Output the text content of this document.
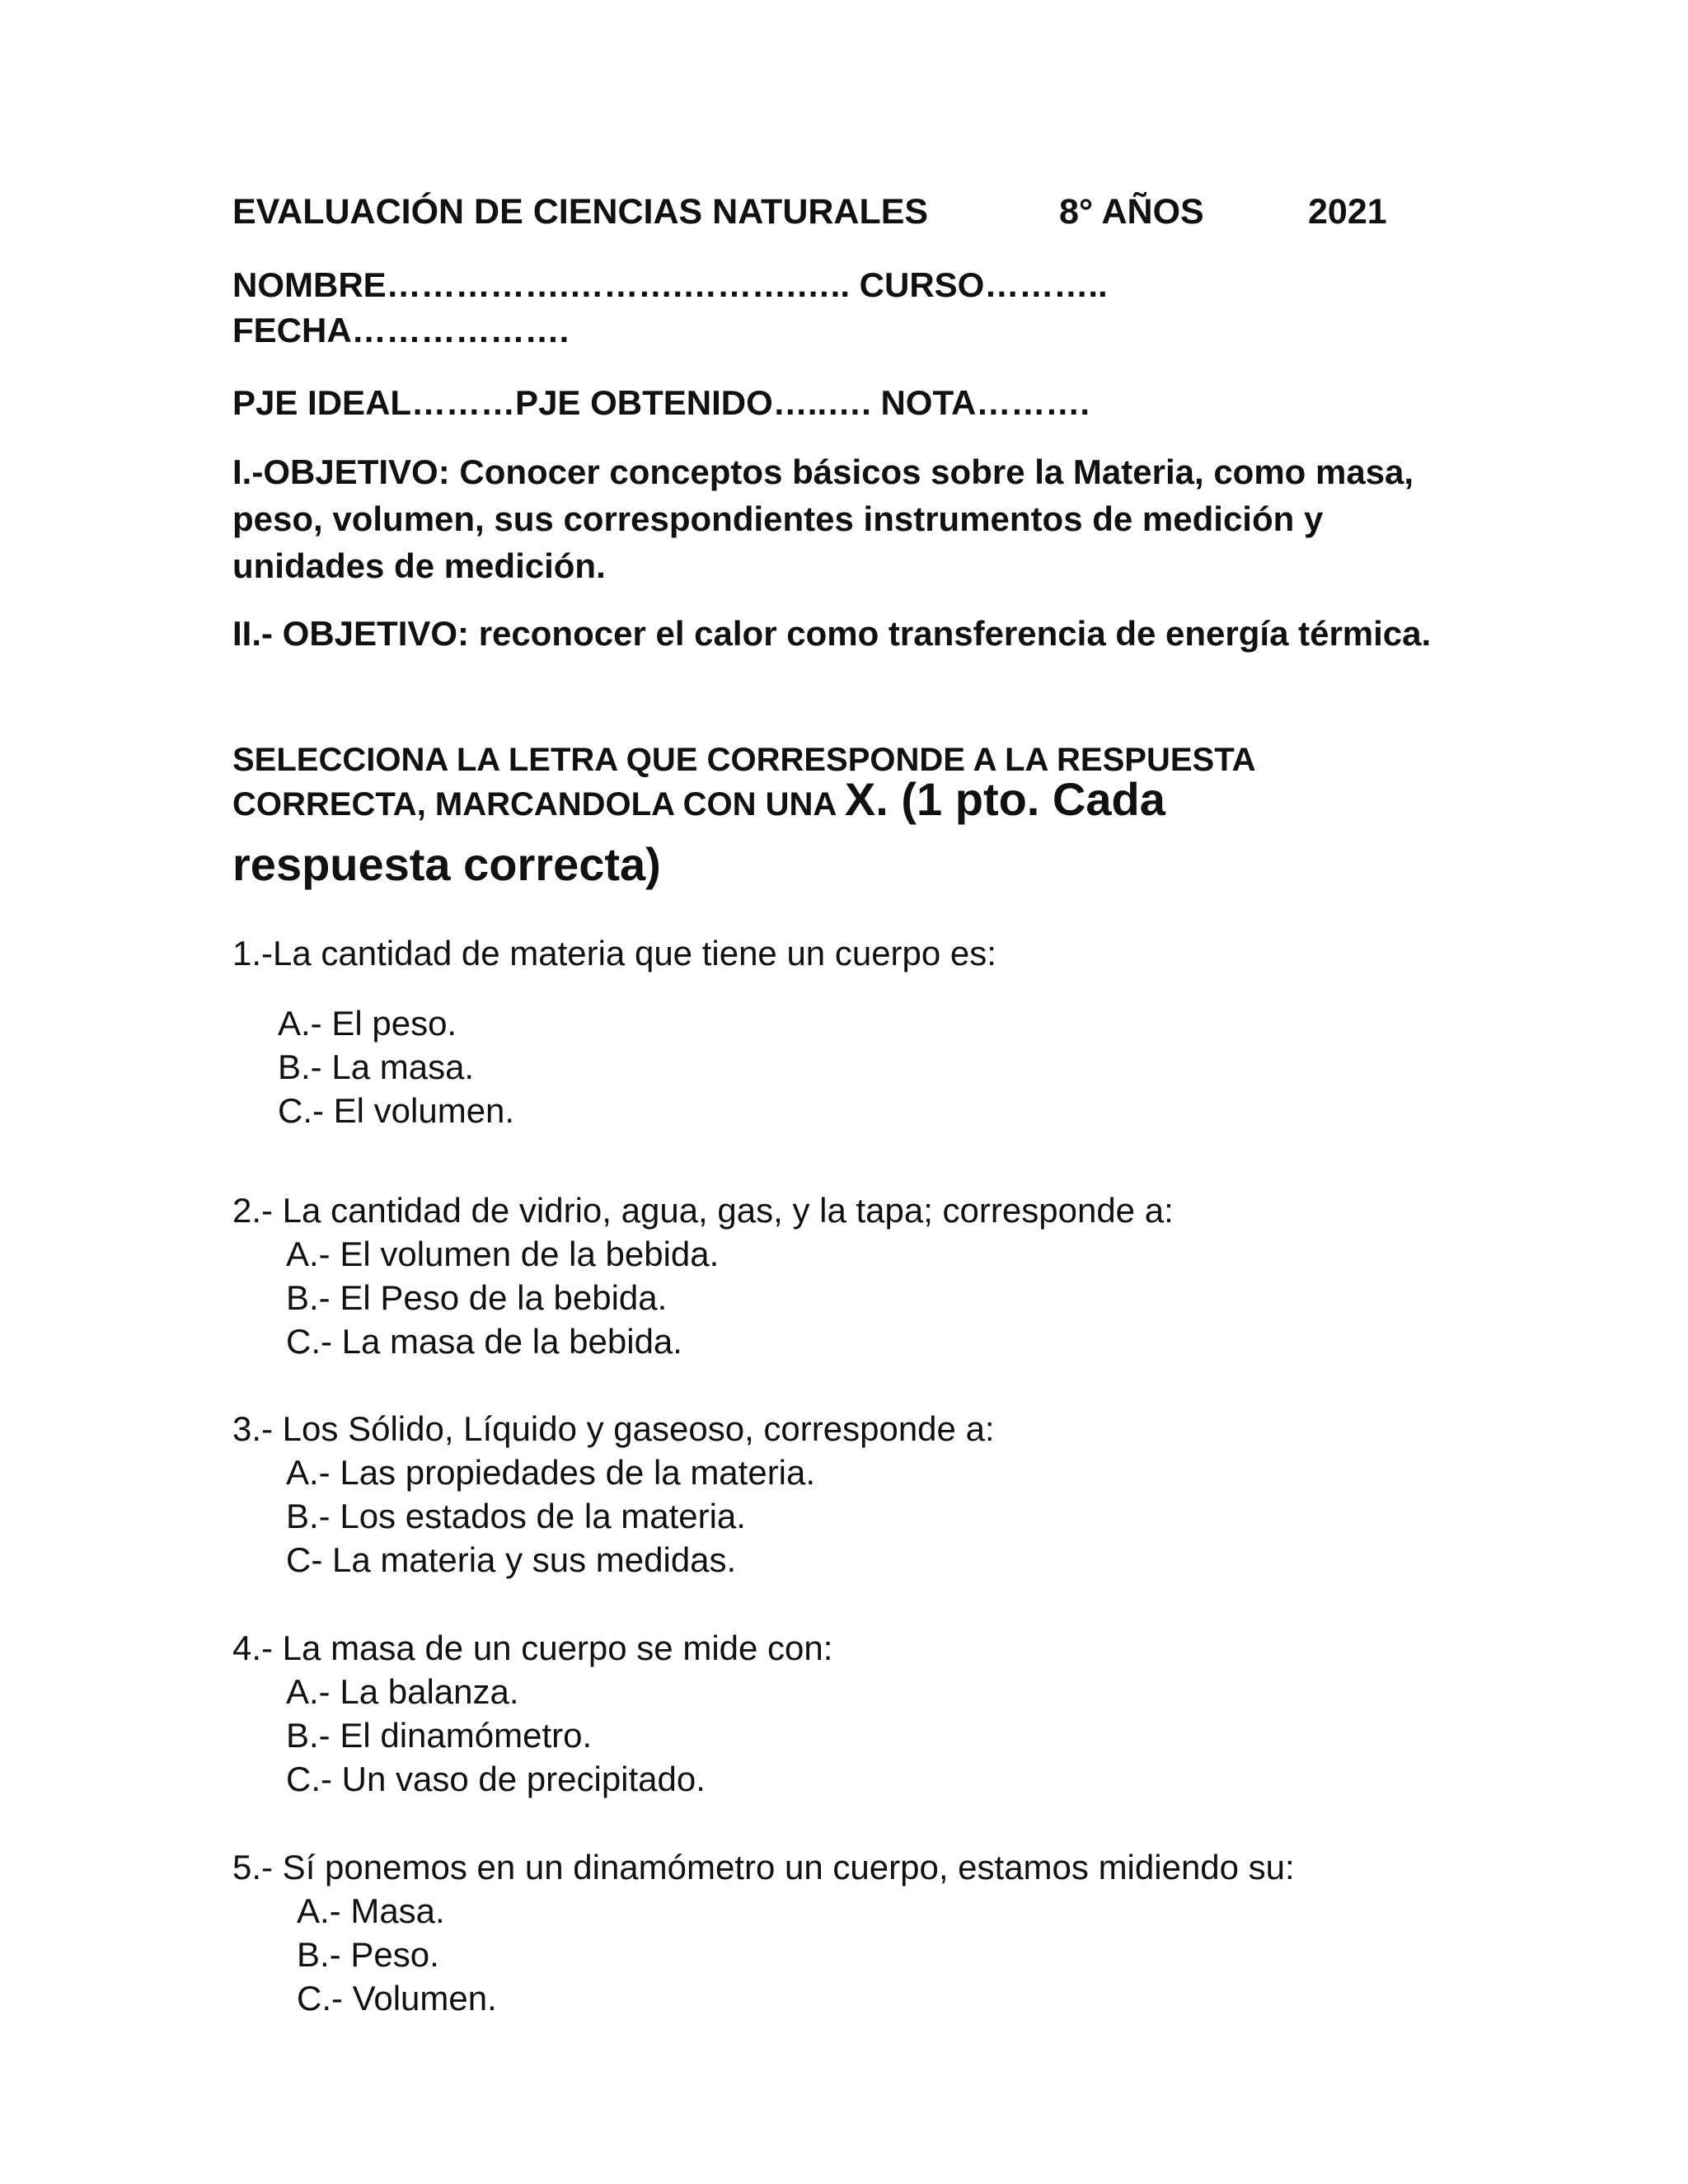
EVALUACIÓN DE CIENCIAS NATURALES	8° AÑOS	2021
NOMBRE…………….……….……….….. CURSO………..
FECHA……………….
PJE IDEAL………PJE OBTENIDO…..…. NOTA……….
I.-OBJETIVO: Conocer conceptos básicos sobre la Materia, como masa, peso, volumen, sus correspondientes instrumentos de medición y unidades de medición.
II.- OBJETIVO: reconocer el calor como transferencia de energía térmica.
SELECCIONA LA LETRA QUE CORRESPONDE A LA RESPUESTA
CORRECTA, MARCANDOLA CON UNA X. (1 pto. Cada
respuesta correcta)
1.-La cantidad de materia que tiene un cuerpo es:
A.- El peso.
B.- La masa.
C.- El volumen.
2.- La cantidad de vidrio, agua, gas, y la tapa; corresponde a:
A.- El volumen de la bebida.
B.- El Peso de la bebida.
C.- La masa de la bebida.
3.- Los Sólido, Líquido y gaseoso, corresponde a:
A.- Las propiedades de la materia.
B.- Los estados de la materia.
C- La materia y sus medidas.
4.- La masa de un cuerpo se mide con:
A.- La balanza.
B.- El dinamómetro.
C.- Un vaso de precipitado.
5.- Sí ponemos en un dinamómetro un cuerpo, estamos midiendo su:
A.- Masa.
B.- Peso.
C.- Volumen.
